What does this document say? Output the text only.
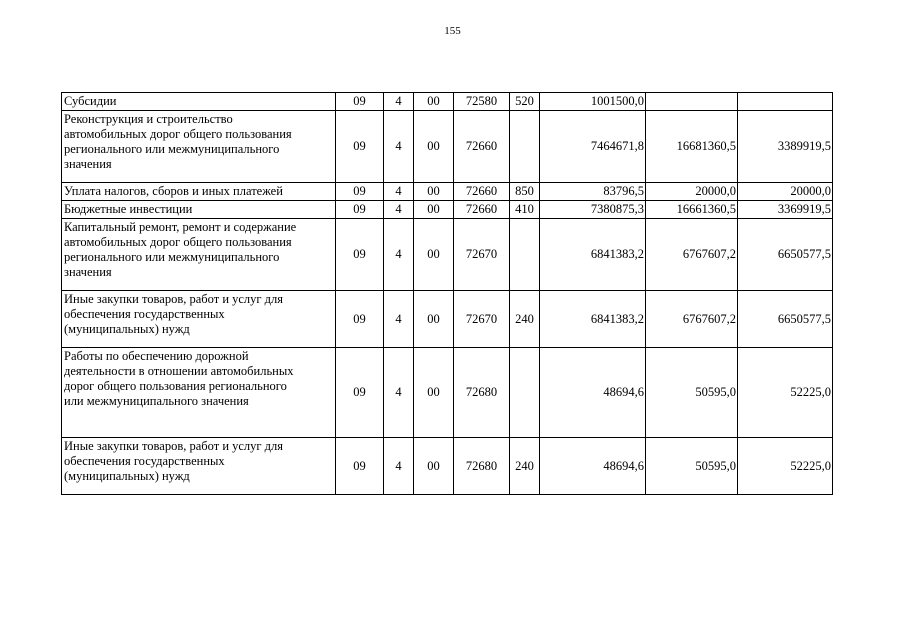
155
Субсидии	09	4	00	72580	520	1001500,0		
Реконструкция и строительство
автомобильных дорог общего пользования
регионального или межмуниципального
значения	09	4	00	72660		7464671,8	16681360,5	3389919,5
Уплата налогов, сборов и иных платежей	09	4	00	72660	850	83796,5	20000,0	20000,0
Бюджетные инвестиции	09	4	00	72660	410	7380875,3	16661360,5	3369919,5
Капитальный ремонт, ремонт и содержание
автомобильных дорог общего пользования
регионального или межмуниципального
значения	09	4	00	72670		6841383,2	6767607,2	6650577,5
Иные закупки товаров, работ и услуг для
обеспечения государственных
(муниципальных) нужд	09	4	00	72670	240	6841383,2	6767607,2	6650577,5
Работы по обеспечению дорожной
деятельности в отношении автомобильных
дорог общего пользования регионального
или межмуниципального значения	09	4	00	72680		48694,6	50595,0	52225,0
Иные закупки товаров, работ и услуг для
обеспечения государственных
(муниципальных) нужд	09	4	00	72680	240	48694,6	50595,0	52225,0
